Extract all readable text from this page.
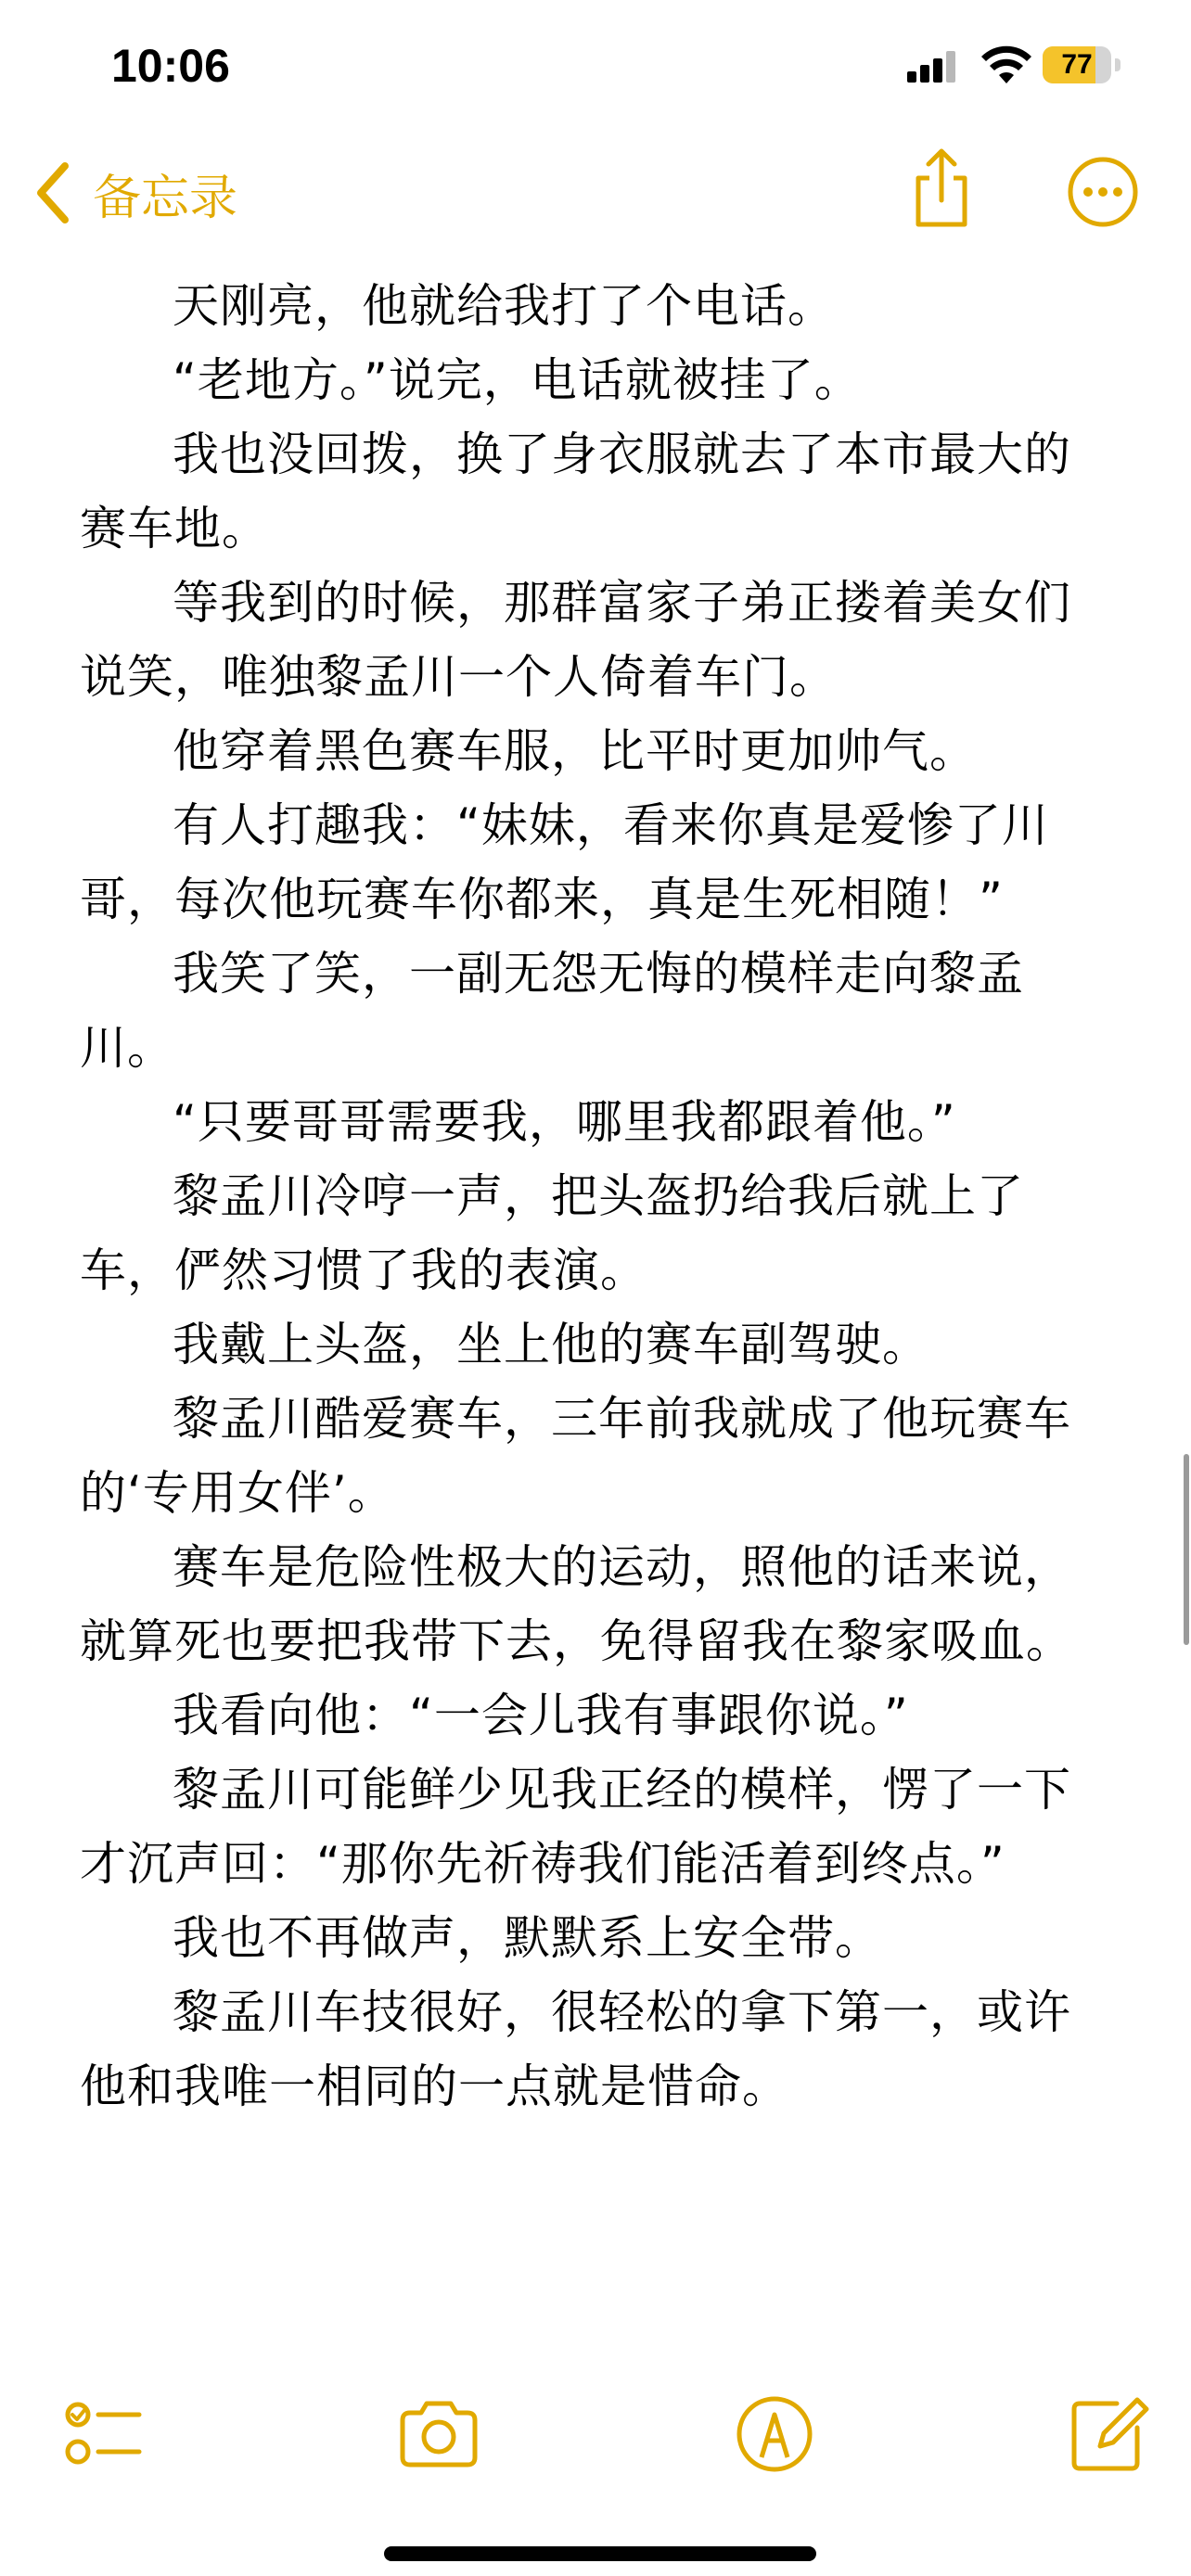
10:06	77
备忘录

天刚亮，他就给我打了个电话。

“老地方。”说完，电话就被挂了。

我也没回拨，换了身衣服就去了本市最大的赛车地。

等我到的时候，那群富家子弟正搂着美女们说笑，唯独黎孟川一个人倚着车门。

他穿着黑色赛车服，比平时更加帅气。

有人打趣我：“妹妹，看来你真是爱惨了川哥，每次他玩赛车你都来，真是生死相随！”

我笑了笑，一副无怨无悔的模样走向黎孟川。

“只要哥哥需要我，哪里我都跟着他。”

黎孟川冷哼一声，把头盔扔给我后就上了车，俨然习惯了我的表演。

我戴上头盔，坐上他的赛车副驾驶。

黎孟川酷爱赛车，三年前我就成了他玩赛车的‘专用女伴’。

赛车是危险性极大的运动，照他的话来说，就算死也要把我带下去，免得留我在黎家吸血。

我看向他：“一会儿我有事跟你说。”

黎孟川可能鲜少见我正经的模样，愣了一下才沉声回：“那你先祈祷我们能活着到终点。”

我也不再做声，默默系上安全带。

黎孟川车技很好，很轻松的拿下第一，或许他和我唯一相同的一点就是惜命。
